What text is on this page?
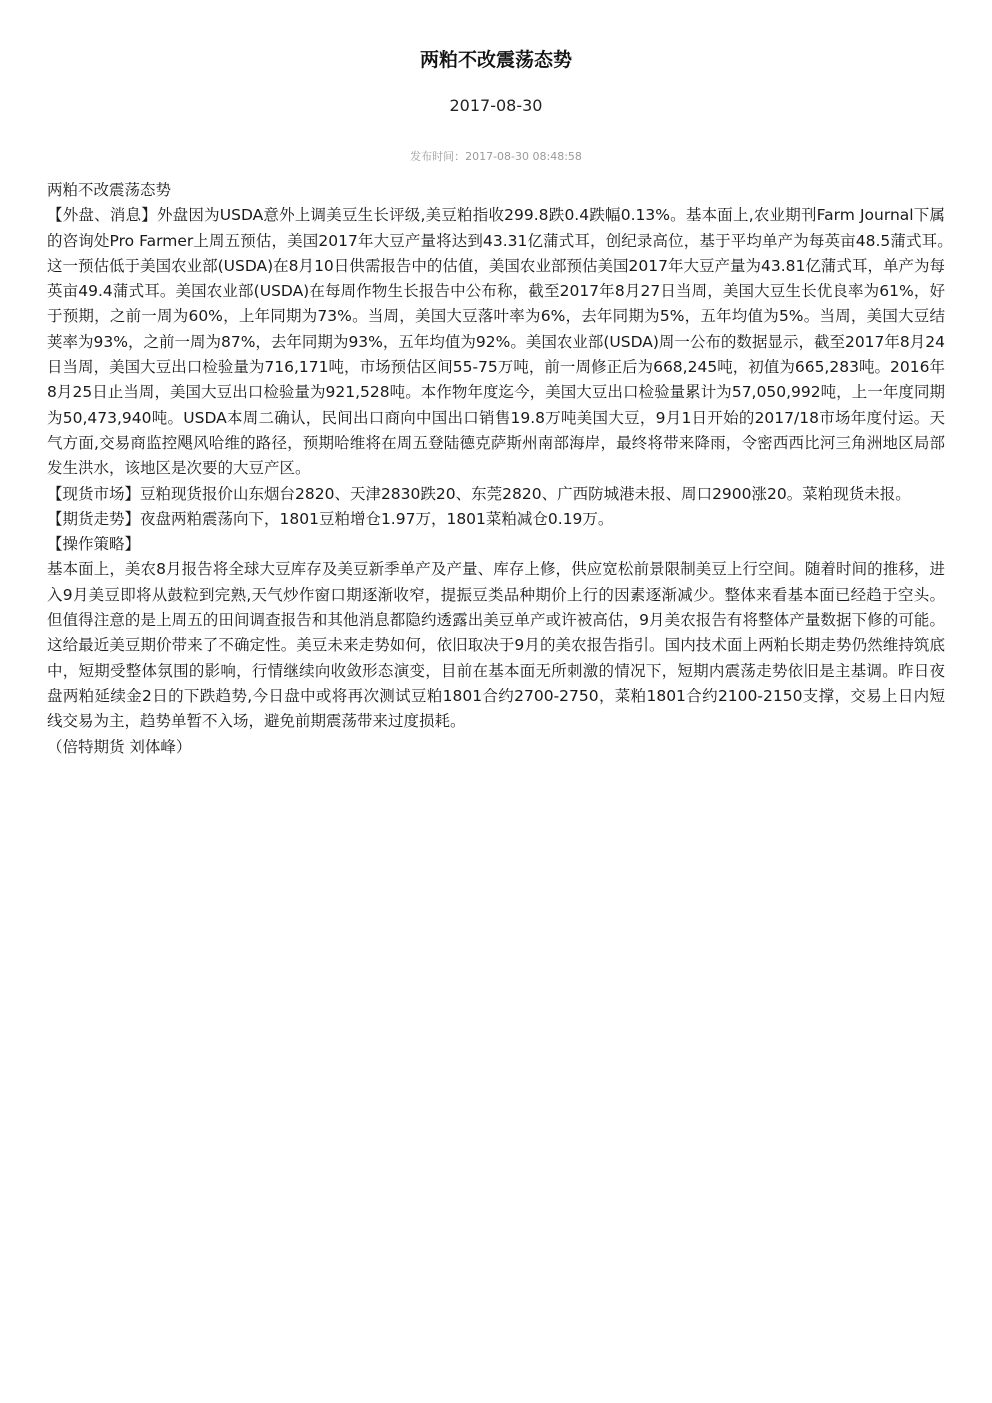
两粕不改震荡态势
2017-08-30
发布时间：2017-08-30 08:48:58

两粕不改震荡态势

【外盘、消息】外盘因为USDA意外上调美豆生长评级,美豆粕指收299.8跌0.4跌幅0.13%。基本面上,农业期刊Farm Journal下属的咨询处Pro Farmer上周五预估，美国2017年大豆产量将达到43.31亿蒲式耳，创纪录高位，基于平均单产为每英亩48.5蒲式耳。　这一预估低于美国农业部(USDA)在8月10日供需报告中的估值，美国农业部预估美国2017年大豆产量为43.81亿蒲式耳，单产为每英亩49.4蒲式耳。美国农业部(USDA)在每周作物生长报告中公布称，截至2017年8月27日当周，美国大豆生长优良率为61%，好于预期，之前一周为60%，上年同期为73%。当周，美国大豆落叶率为6%，去年同期为5%，五年均值为5%。当周，美国大豆结荚率为93%，之前一周为87%，去年同期为93%，五年均值为92%。美国农业部(USDA)周一公布的数据显示，截至2017年8月24日当周，美国大豆出口检验量为716,171吨，市场预估区间55-75万吨，前一周修正后为668,245吨，初值为665,283吨。2016年8月25日止当周，美国大豆出口检验量为921,528吨。本作物年度迄今，美国大豆出口检验量累计为57,050,992吨，上一年度同期为50,473,940吨。USDA本周二确认，民间出口商向中国出口销售19.8万吨美国大豆，9月1日开始的2017/18市场年度付运。天气方面,交易商监控飓风哈维的路径，预期哈维将在周五登陆德克萨斯州南部海岸，最终将带来降雨，令密西西比河三角洲地区局部发生洪水，该地区是次要的大豆产区。

【现货市场】豆粕现货报价山东烟台2820、天津2830跌20、东莞2820、广西防城港未报、周口2900涨20。菜粕现货未报。

【期货走势】夜盘两粕震荡向下，1801豆粕增仓1.97万，1801菜粕减仓0.19万。

【操作策略】

基本面上，美农8月报告将全球大豆库存及美豆新季单产及产量、库存上修，供应宽松前景限制美豆上行空间。随着时间的推移，进入9月美豆即将从鼓粒到完熟,天气炒作窗口期逐渐收窄，提振豆类品种期价上行的因素逐渐减少。整体来看基本面已经趋于空头。但值得注意的是上周五的田间调查报告和其他消息都隐约透露出美豆单产或许被高估，9月美农报告有将整体产量数据下修的可能。这给最近美豆期价带来了不确定性。美豆未来走势如何，依旧取决于9月的美农报告指引。国内技术面上两粕长期走势仍然维持筑底中，短期受整体氛围的影响，行情继续向收敛形态演变，目前在基本面无所刺激的情况下，短期内震荡走势依旧是主基调。昨日夜盘两粕延续金2日的下跌趋势,今日盘中或将再次测试豆粕1801合约2700-2750，菜粕1801合约2100-2150支撑，交易上日内短线交易为主，趋势单暂不入场，避免前期震荡带来过度损耗。

（倍特期货 刘体峰）
